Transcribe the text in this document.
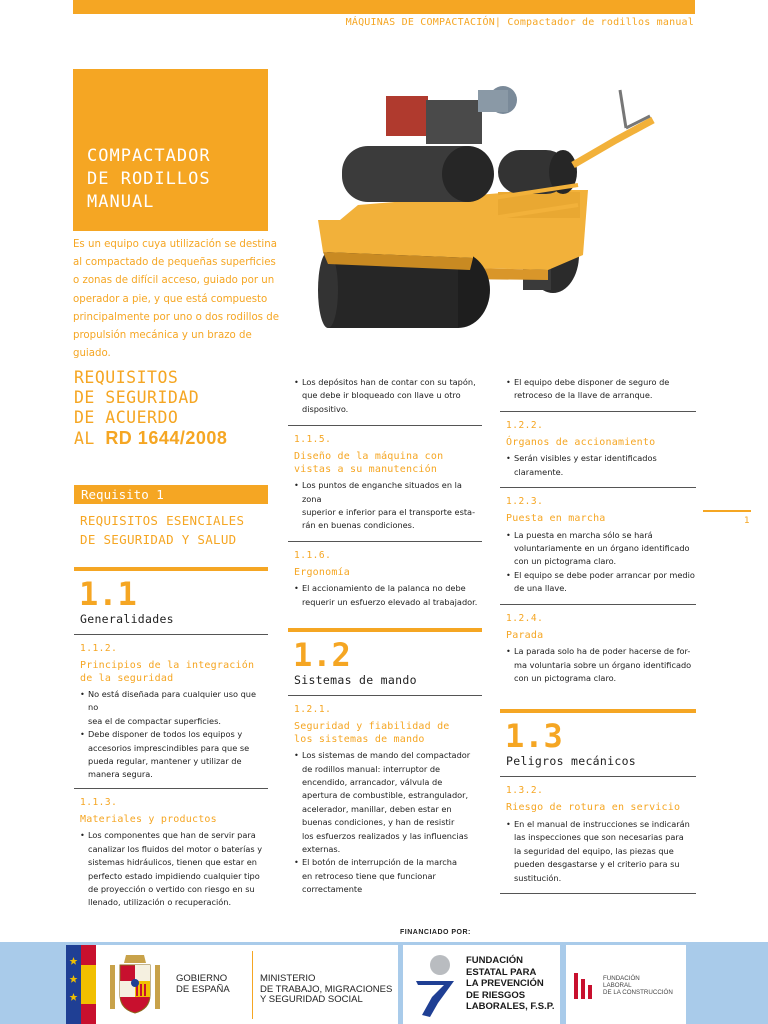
MÁQUINAS DE COMPACTACIÓN| Compactador de rodillos manual
COMPACTADOR
DE RODILLOS
MANUAL
Es un equipo cuya utilización se destina
al compactado de pequeñas superficies
o zonas de difícil acceso, guiado por un
operador a pie, y que está compuesto
principalmente por uno o dos rodillos de
propulsión mecánica y un brazo de guiado.
REQUISITOS
DE SEGURIDAD
DE ACUERDO
AL RD 1644/2008
Requisito 1
REQUISITOS ESENCIALES
DE SEGURIDAD Y SALUD
1.1
Generalidades
1.1.2.
Principios de la integración
de la seguridad
• No está diseñada para cualquier uso que no
sea el de compactar superficies.
• Debe disponer de todos los equipos y
accesorios imprescindibles para que se
pueda regular, mantener y utilizar de
manera segura.
1.1.3.
Materiales y productos
• Los componentes que han de servir para
canalizar los fluidos del motor o baterías y
sistemas hidráulicos, tienen que estar en
perfecto estado impidiendo cualquier tipo
de proyección o vertido con riesgo en su
llenado, utilización o recuperación.
• Los depósitos han de contar con su tapón,
que debe ir bloqueado con llave u otro
dispositivo.
1.1.5.
Diseño de la máquina con
vistas a su manutención
• Los puntos de enganche situados en la zona
superior e inferior para el transporte esta-
rán en buenas condiciones.
1.1.6.
Ergonomía
• El accionamiento de la palanca no debe
requerir un esfuerzo elevado al trabajador.
1.2
Sistemas de mando
1.2.1.
Seguridad y fiabilidad de
los sistemas de mando
• Los sistemas de mando del compactador
de rodillos manual: interruptor de
encendido, arrancador, válvula de
apertura de combustible, estrangulador,
acelerador, manillar, deben estar en
buenas condiciones, y han de resistir
los esfuerzos realizados y las influencias
externas.
• El botón de interrupción de la marcha
en retroceso tiene que funcionar
correctamente
• El equipo debe disponer de seguro de
retroceso de la llave de arranque.
1.2.2.
Órganos de accionamiento
• Serán visibles y estar identificados
claramente.
1.2.3.
Puesta en marcha
• La puesta en marcha sólo se hará
voluntariamente en un órgano identificado
con un pictograma claro.
• El equipo se debe poder arrancar por medio
de una llave.
1.2.4.
Parada
• La parada solo ha de poder hacerse de for-
ma voluntaria sobre un órgano identificado
con un pictograma claro.
1.3
Peligros mecánicos
1.3.2.
Riesgo de rotura en servicio
• En el manual de instrucciones se indicarán
las inspecciones que son necesarias para
la seguridad del equipo, las piezas que
pueden desgastarse y el criterio para su
sustitución.
1
FINANCIADO POR:
GOBIERNO
DE ESPAÑA
MINISTERIO
DE TRABAJO, MIGRACIONES
Y SEGURIDAD SOCIAL
FUNDACIÓN
ESTATAL PARA
LA PREVENCIÓN
DE RIESGOS
LABORALES, F.S.P.
FUNDACIÓN
LABORAL
DE LA CONSTRUCCIÓN
